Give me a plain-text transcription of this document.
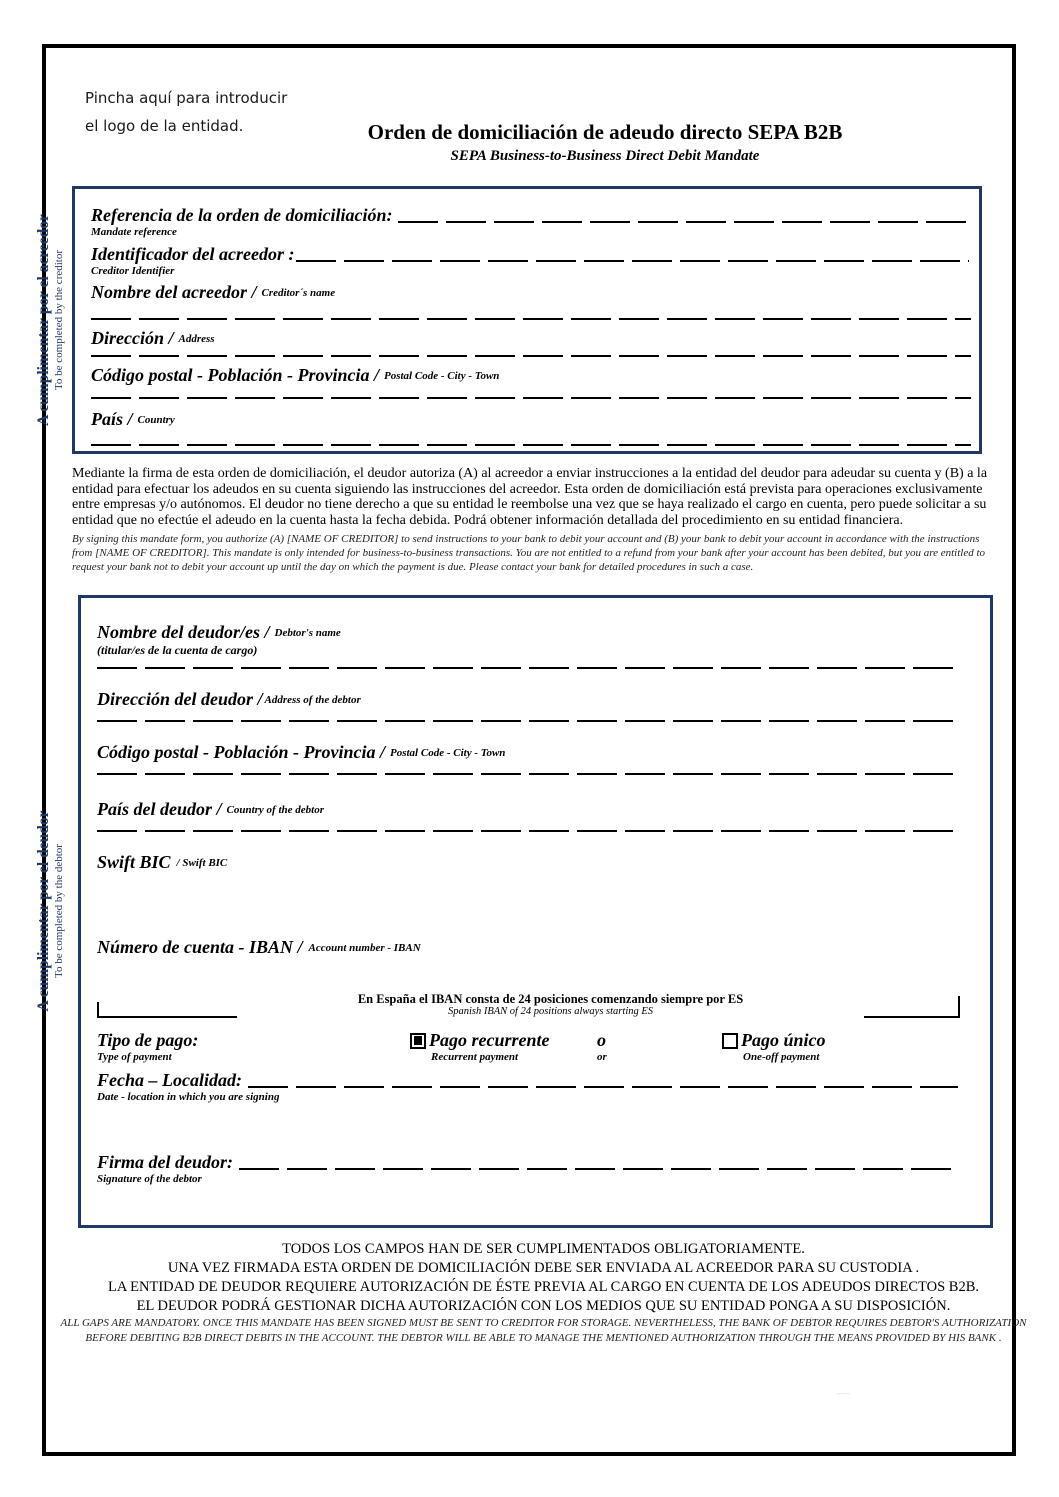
Pincha aquí para introducir
el logo de la entidad.	Orden de domiciliación de adeudo directo SEPA B2B
SEPA Business-to-Business Direct Debit Mandate
A cumplimentar por el acreedor To be completed by the creditor
Referencia de la orden de domiciliación:
Mandate reference
Identificador del acreedor :
Creditor Identifier
Nombre del acreedor / Creditor´s name
Dirección / Address
Código postal - Población - Provincia / Postal Code - City - Town
País / Country
Mediante la firma de esta orden de domiciliación, el deudor autoriza (A) al acreedor a enviar instrucciones a la entidad del deudor para adeudar su cuenta y (B) a la entidad para efectuar los adeudos en su cuenta siguiendo las instrucciones del acreedor. Esta orden de domiciliación está prevista para operaciones exclusivamente entre empresas y/o autónomos. El deudor no tiene derecho a que su entidad le reembolse una vez que se haya realizado el cargo en cuenta, pero puede solicitar a su entidad que no efectúe el adeudo en la cuenta hasta la fecha debida. Podrá obtener información detallada del procedimiento en su entidad financiera.
By signing this mandate form, you authorize (A) [NAME OF CREDITOR] to send instructions to your bank to debit your account and (B) your bank to debit your account in accordance with the instructions from [NAME OF CREDITOR]. This mandate is only intended for business-to-business transactions. You are not entitled to a refund from your bank after your account has been debited, but you are entitled to request your bank not to debit your account up until the day on which the payment is due. Please contact your bank for detailed procedures in such a case.
A cumplimentar por el deudor To be completed by the debtor
Nombre del deudor/es / Debtor's name
(titular/es de la cuenta de cargo)
Dirección del deudor / Address of the debtor
Código postal - Población - Provincia / Postal Code - City - Town
País del deudor / Country of the debtor
Swift BIC / Swift BIC
Número de cuenta - IBAN / Account number - IBAN
En España el IBAN consta de 24 posiciones comenzando siempre por ES
Spanish IBAN of 24 positions always starting ES
Tipo de pago:
Type of payment
Pago recurrente
Recurrent payment
o
or
Pago único
One-off payment
Fecha – Localidad:
Date - location in which you are signing
Firma del deudor:
Signature of the debtor
TODOS LOS CAMPOS HAN DE SER CUMPLIMENTADOS OBLIGATORIAMENTE.
UNA VEZ FIRMADA ESTA ORDEN DE DOMICILIACIÓN DEBE SER ENVIADA AL ACREEDOR PARA SU CUSTODIA .
LA ENTIDAD DE DEUDOR REQUIERE AUTORIZACIÓN DE ÉSTE PREVIA AL CARGO EN CUENTA DE LOS ADEUDOS DIRECTOS B2B.
EL DEUDOR PODRÁ GESTIONAR DICHA AUTORIZACIÓN CON LOS MEDIOS QUE SU ENTIDAD PONGA A SU DISPOSICIÓN.
ALL GAPS ARE MANDATORY. ONCE THIS MANDATE HAS BEEN SIGNED MUST BE SENT TO CREDITOR FOR STORAGE. NEVERTHELESS, THE BANK OF DEBTOR REQUIRES DEBTOR'S AUTHORIZATION
BEFORE DEBITING B2B DIRECT DEBITS IN THE ACCOUNT. THE DEBTOR WILL BE ABLE TO MANAGE THE MENTIONED AUTHORIZATION THROUGH THE MEANS PROVIDED BY HIS BANK .
—
